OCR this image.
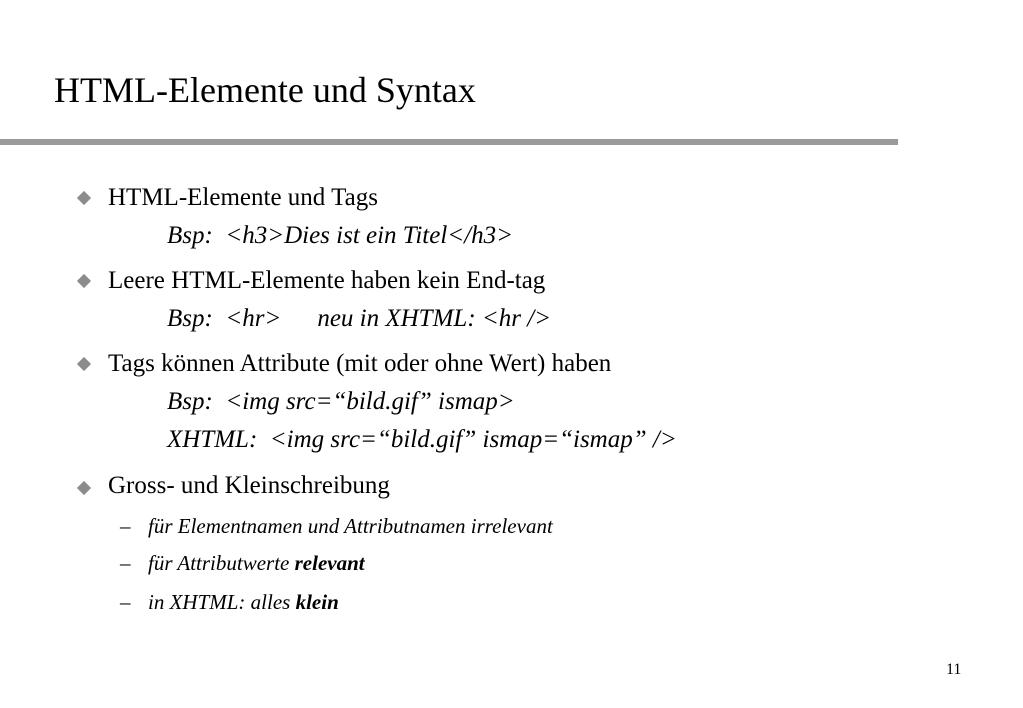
HTML-Elemente und Syntax
HTML-Elemente und Tags
Bsp: <h3>Dies ist ein Titel</h3>
Leere HTML-Elemente haben kein End-tag
Bsp: <hr> neu in XHTML: <hr />
Tags können Attribute (mit oder ohne Wert) haben
Bsp: <img src=“bild.gif” ismap>
XHTML: <img src=“bild.gif” ismap=“ismap” />
Gross- und Kleinschreibung
– für Elementnamen und Attributnamen irrelevant
– für Attributwerte relevant
– in XHTML: alles klein
11
